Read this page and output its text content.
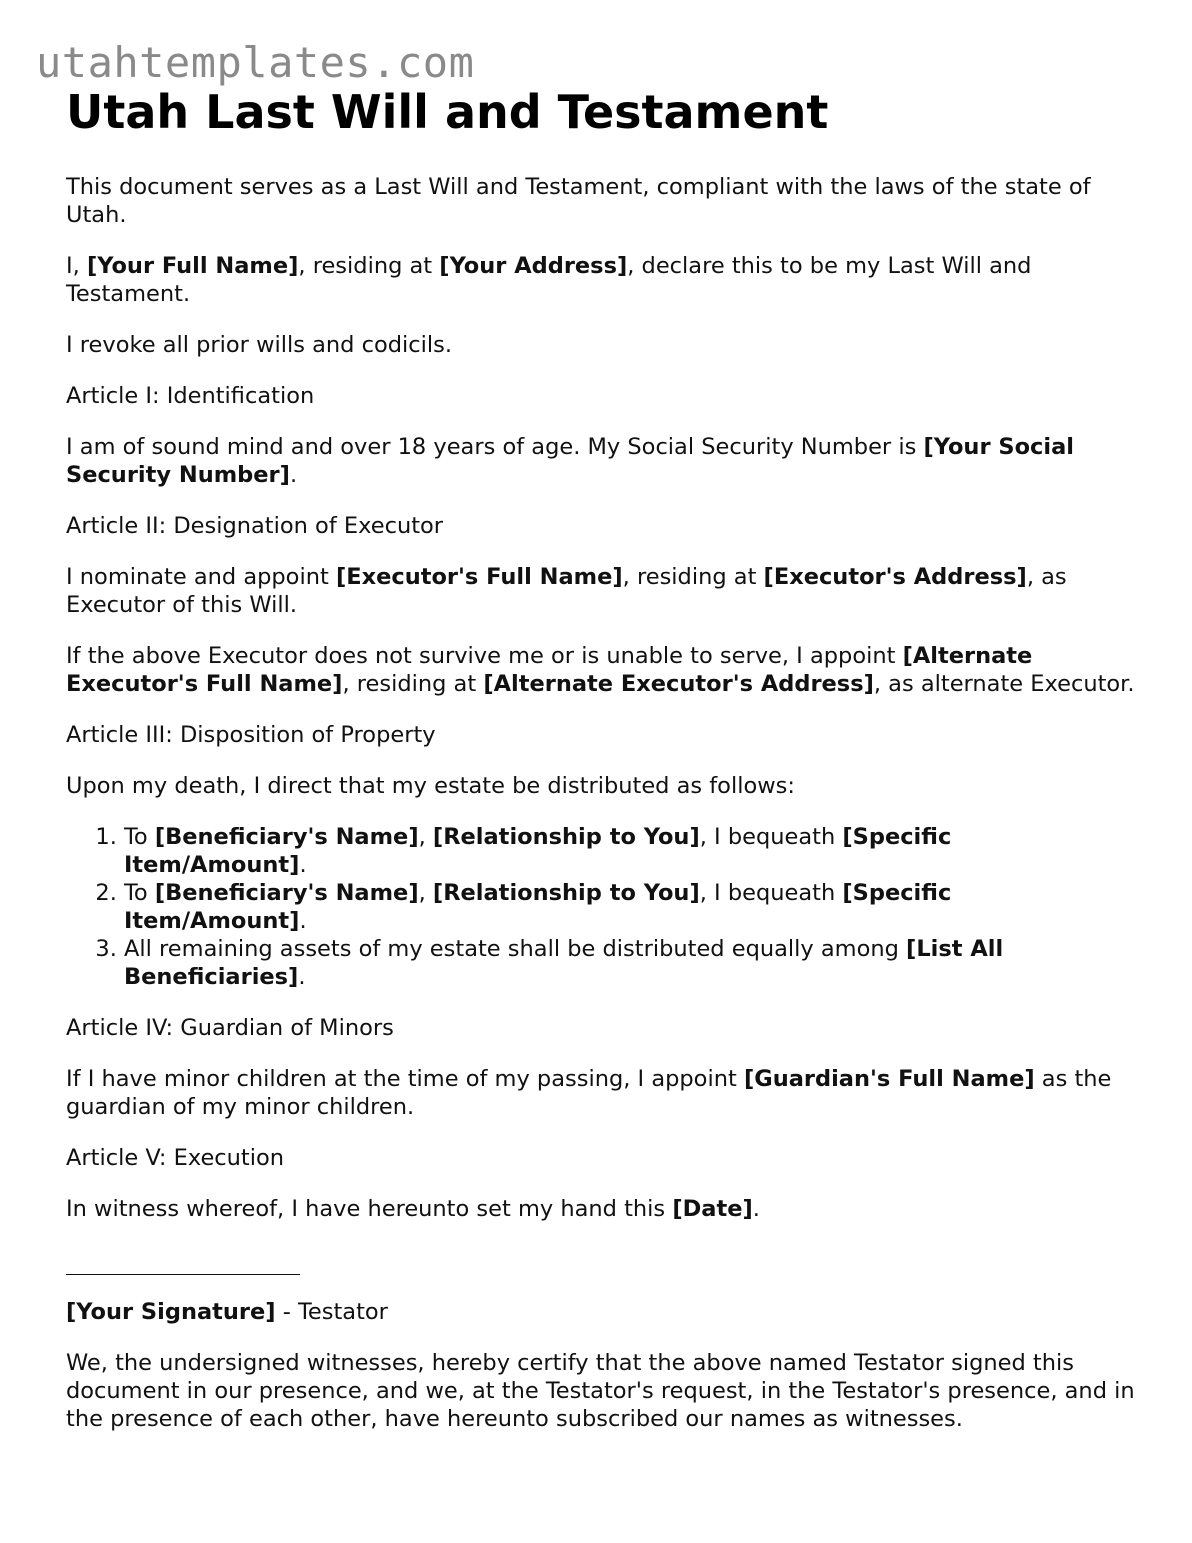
utahtemplates.com
Utah Last Will and Testament

This document serves as a Last Will and Testament, compliant with the laws of the state of Utah.

I, [Your Full Name], residing at [Your Address], declare this to be my Last Will and Testament.

I revoke all prior wills and codicils.

Article I: Identification

I am of sound mind and over 18 years of age. My Social Security Number is [Your Social Security Number].

Article II: Designation of Executor

I nominate and appoint [Executor's Full Name], residing at [Executor's Address], as Executor of this Will.

If the above Executor does not survive me or is unable to serve, I appoint [Alternate Executor's Full Name], residing at [Alternate Executor's Address], as alternate Executor.

Article III: Disposition of Property

Upon my death, I direct that my estate be distributed as follows:

1. To [Beneficiary's Name], [Relationship to You], I bequeath [Specific Item/Amount].
2. To [Beneficiary's Name], [Relationship to You], I bequeath [Specific Item/Amount].
3. All remaining assets of my estate shall be distributed equally among [List All Beneficiaries].

Article IV: Guardian of Minors

If I have minor children at the time of my passing, I appoint [Guardian's Full Name] as the guardian of my minor children.

Article V: Execution

In witness whereof, I have hereunto set my hand this [Date].

[Your Signature] - Testator

We, the undersigned witnesses, hereby certify that the above named Testator signed this document in our presence, and we, at the Testator's request, in the Testator's presence, and in the presence of each other, have hereunto subscribed our names as witnesses.
